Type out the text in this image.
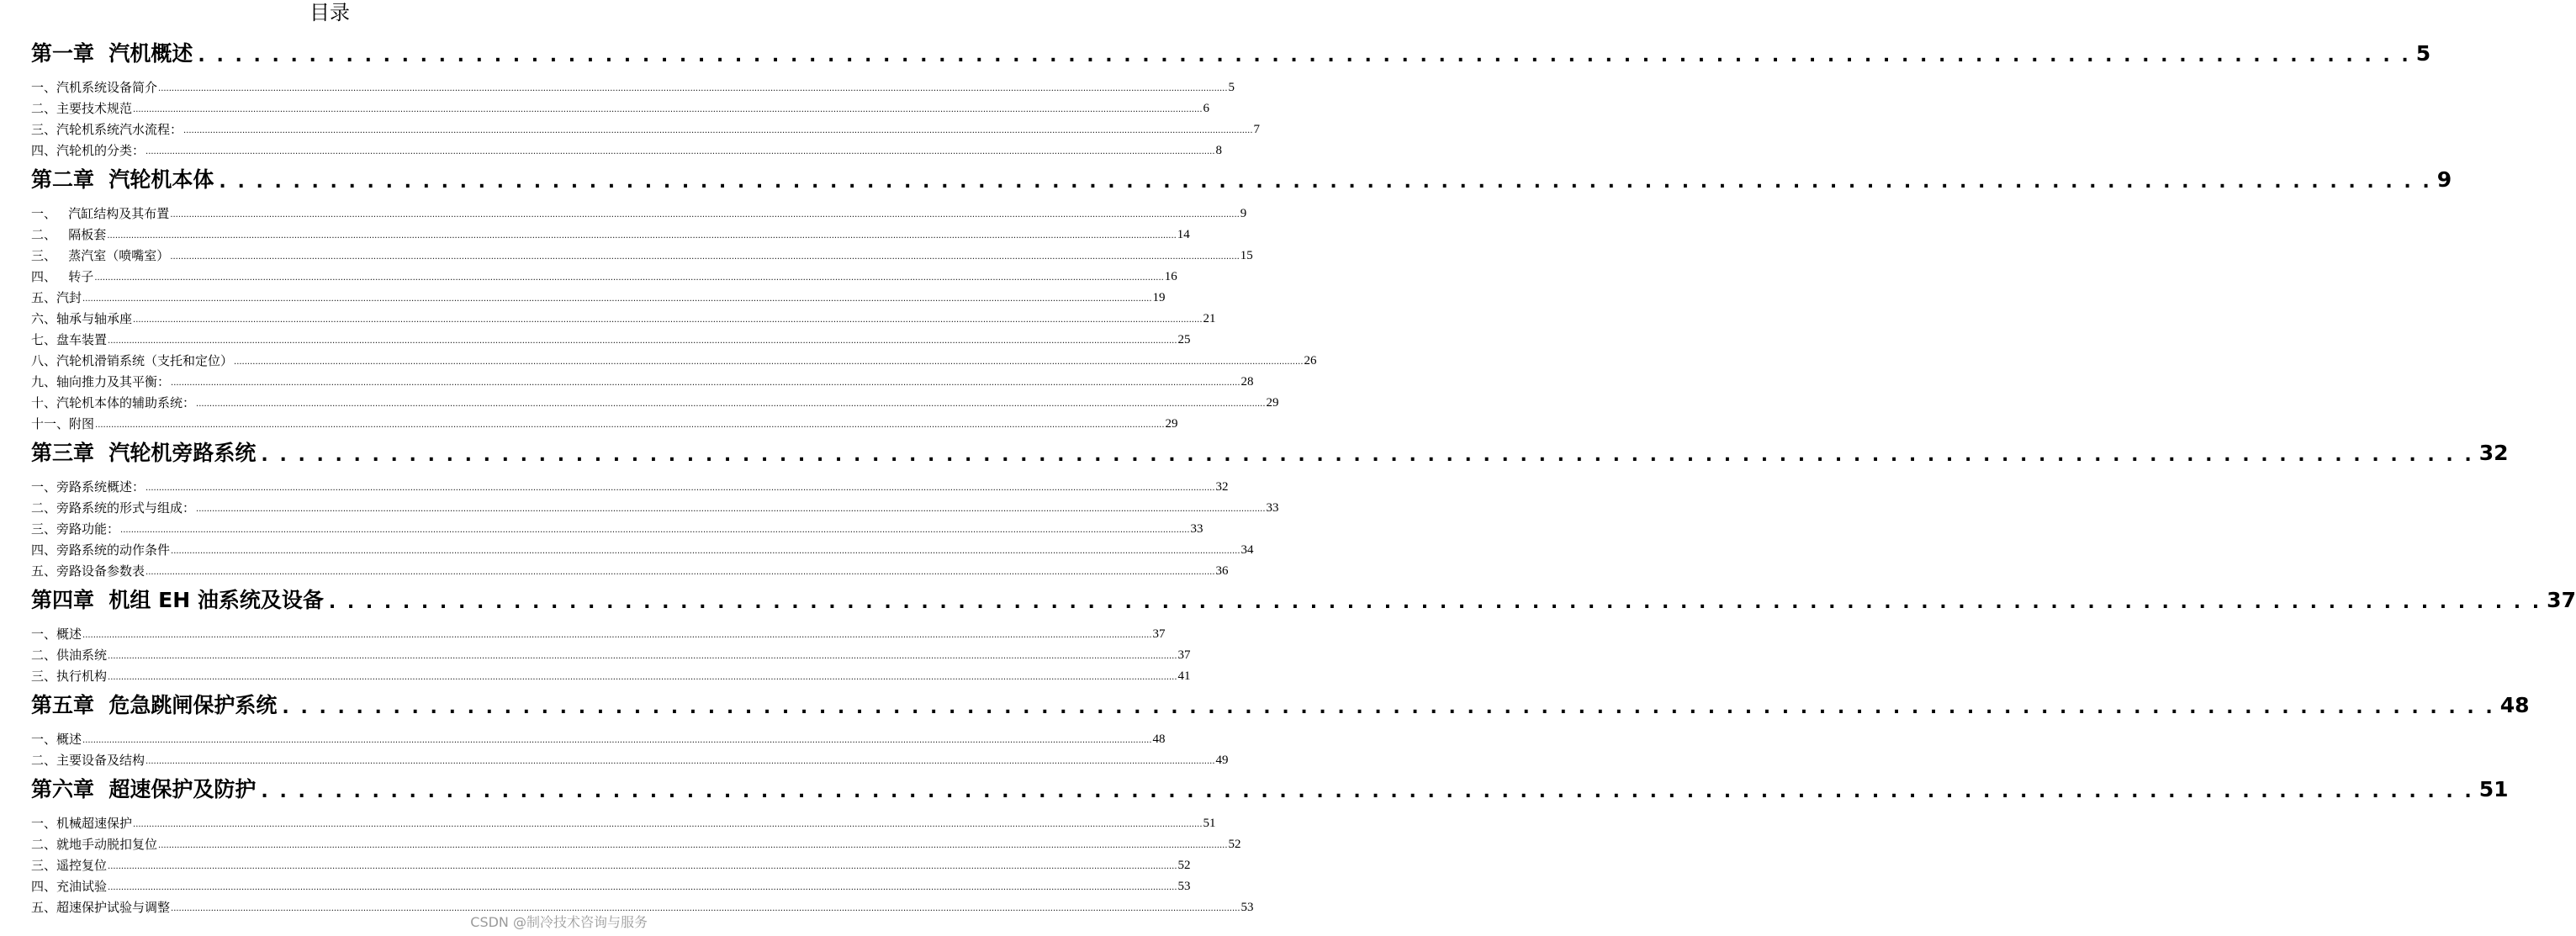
目录
第一章  汽机概述 . . . . . . . . . . . . . . . . . . . . . . . . . . . . . . . . . . . . . . . . . . . . . . . . . . . . . . . . . . . . . . . . . . . . . . . . . . . . . . . . . . . . . . . . . . . . . . . . . . . . . . . . . . . . . . . . . . . . . . . . 5
一、汽机系统设备简介 ................................................................................................................................................................................................................................................................................................................................................................................................................ 5
二、主要技术规范 ................................................................................................................................................................................................................................................................................................................................................................................................................ 6
三、汽轮机系统汽水流程： ................................................................................................................................................................................................................................................................................................................................................................................................................ 7
四、汽轮机的分类： ................................................................................................................................................................................................................................................................................................................................................................................................................ 8
第二章  汽轮机本体 . . . . . . . . . . . . . . . . . . . . . . . . . . . . . . . . . . . . . . . . . . . . . . . . . . . . . . . . . . . . . . . . . . . . . . . . . . . . . . . . . . . . . . . . . . . . . . . . . . . . . . . . . . . . . . . . . . . . . . . . 9
一、   汽缸结构及其布置 ................................................................................................................................................................................................................................................................................................................................................................................................................ 9
二、   隔板套 ................................................................................................................................................................................................................................................................................................................................................................................................................ 14
三、   蒸汽室（喷嘴室） ................................................................................................................................................................................................................................................................................................................................................................................................................ 15
四、   转子 ................................................................................................................................................................................................................................................................................................................................................................................................................ 16
五、汽封 ................................................................................................................................................................................................................................................................................................................................................................................................................ 19
六、轴承与轴承座 ................................................................................................................................................................................................................................................................................................................................................................................................................ 21
七、盘车装置 ................................................................................................................................................................................................................................................................................................................................................................................................................ 25
八、汽轮机滑销系统（支托和定位） ................................................................................................................................................................................................................................................................................................................................................................................................................ 26
九、轴向推力及其平衡： ................................................................................................................................................................................................................................................................................................................................................................................................................ 28
十、汽轮机本体的辅助系统： ................................................................................................................................................................................................................................................................................................................................................................................................................ 29
十一、附图 ................................................................................................................................................................................................................................................................................................................................................................................................................ 29
第三章  汽轮机旁路系统 . . . . . . . . . . . . . . . . . . . . . . . . . . . . . . . . . . . . . . . . . . . . . . . . . . . . . . . . . . . . . . . . . . . . . . . . . . . . . . . . . . . . . . . . . . . . . . . . . . . . . . . . . . . . . . . . . . . . . . . . 32
一、旁路系统概述： ................................................................................................................................................................................................................................................................................................................................................................................................................ 32
二、旁路系统的形式与组成： ................................................................................................................................................................................................................................................................................................................................................................................................................ 33
三、旁路功能： ................................................................................................................................................................................................................................................................................................................................................................................................................ 33
四、旁路系统的动作条件 ................................................................................................................................................................................................................................................................................................................................................................................................................ 34
五、旁路设备参数表 ................................................................................................................................................................................................................................................................................................................................................................................................................ 36
第四章  机组 EH 油系统及设备 . . . . . . . . . . . . . . . . . . . . . . . . . . . . . . . . . . . . . . . . . . . . . . . . . . . . . . . . . . . . . . . . . . . . . . . . . . . . . . . . . . . . . . . . . . . . . . . . . . . . . . . . . . . . . . . . . . . . . . . . 37
一、概述 ................................................................................................................................................................................................................................................................................................................................................................................................................ 37
二、供油系统 ................................................................................................................................................................................................................................................................................................................................................................................................................ 37
三、执行机构 ................................................................................................................................................................................................................................................................................................................................................................................................................ 41
第五章  危急跳闸保护系统 . . . . . . . . . . . . . . . . . . . . . . . . . . . . . . . . . . . . . . . . . . . . . . . . . . . . . . . . . . . . . . . . . . . . . . . . . . . . . . . . . . . . . . . . . . . . . . . . . . . . . . . . . . . . . . . . . . . . . . . . 48
一、概述 ................................................................................................................................................................................................................................................................................................................................................................................................................ 48
二、主要设备及结构 ................................................................................................................................................................................................................................................................................................................................................................................................................ 49
第六章  超速保护及防护 . . . . . . . . . . . . . . . . . . . . . . . . . . . . . . . . . . . . . . . . . . . . . . . . . . . . . . . . . . . . . . . . . . . . . . . . . . . . . . . . . . . . . . . . . . . . . . . . . . . . . . . . . . . . . . . . . . . . . . . . 51
一、机械超速保护 ................................................................................................................................................................................................................................................................................................................................................................................................................ 51
二、就地手动脱扣复位 ................................................................................................................................................................................................................................................................................................................................................................................................................ 52
三、遥控复位 ................................................................................................................................................................................................................................................................................................................................................................................................................ 52
四、充油试验 ................................................................................................................................................................................................................................................................................................................................................................................................................ 53
五、超速保护试验与调整 ................................................................................................................................................................................................................................................................................................................................................................................................................ 53
CSDN @制冷技术咨询与服务
